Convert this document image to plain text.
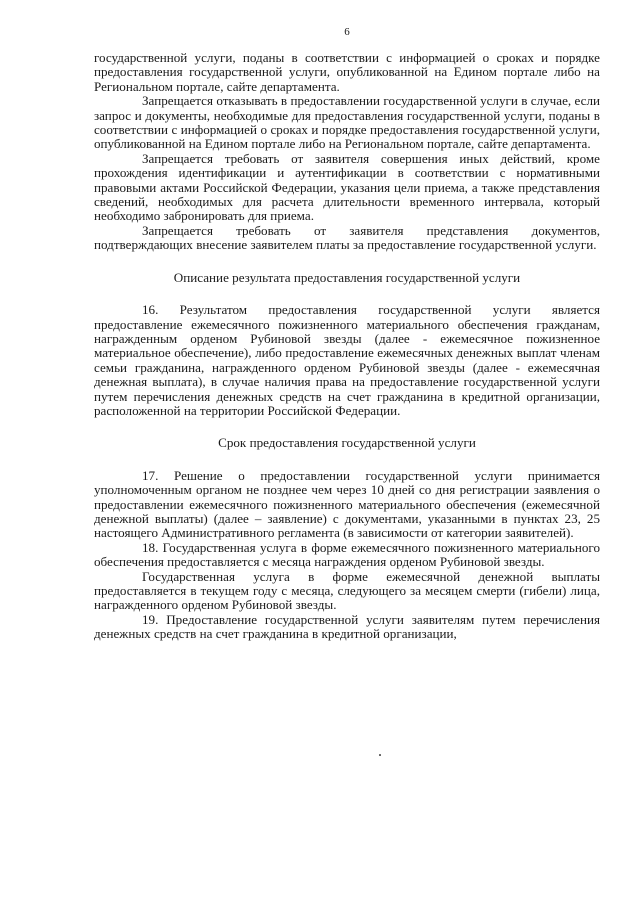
6

государственной услуги, поданы в соответствии с информацией о сроках и порядке предоставления государственной услуги, опубликованной на Едином портале либо на Региональном портале, сайте департамента.

Запрещается отказывать в предоставлении государственной услуги в случае, если запрос и документы, необходимые для предоставления государственной услуги, поданы в соответствии с информацией о сроках и порядке предоставления государственной услуги, опубликованной на Едином портале либо на Региональном портале, сайте департамента.

Запрещается требовать от заявителя совершения иных действий, кроме прохождения идентификации и аутентификации в соответствии с нормативными правовыми актами Российской Федерации, указания цели приема, а также представления сведений, необходимых для расчета длительности временного интервала, который необходимо забронировать для приема.

Запрещается требовать от заявителя представления документов, подтверждающих внесение заявителем платы за предоставление государственной услуги.

Описание результата предоставления государственной услуги

16. Результатом предоставления государственной услуги является предоставление ежемесячного пожизненного материального обеспечения гражданам, награжденным орденом Рубиновой звезды (далее - ежемесячное пожизненное материальное обеспечение), либо предоставление ежемесячных денежных выплат членам семьи гражданина, награжденного орденом Рубиновой звезды (далее - ежемесячная денежная выплата), в случае наличия права на предоставление государственной услуги путем перечисления денежных средств на счет гражданина в кредитной организации, расположенной на территории Российской Федерации.

Срок предоставления государственной услуги

17. Решение о предоставлении государственной услуги принимается уполномоченным органом не позднее чем через 10 дней со дня регистрации заявления о предоставлении ежемесячного пожизненного материального обеспечения (ежемесячной денежной выплаты) (далее – заявление) с документами, указанными в пунктах 23, 25 настоящего Административного регламента (в зависимости от категории заявителей).

18. Государственная услуга в форме ежемесячного пожизненного материального обеспечения предоставляется с месяца награждения орденом Рубиновой звезды.

Государственная услуга в форме ежемесячной денежной выплаты предоставляется в текущем году с месяца, следующего за месяцем смерти (гибели) лица, награжденного орденом Рубиновой звезды.

19. Предоставление государственной услуги заявителям путем перечисления денежных средств на счет гражданина в кредитной организации,
